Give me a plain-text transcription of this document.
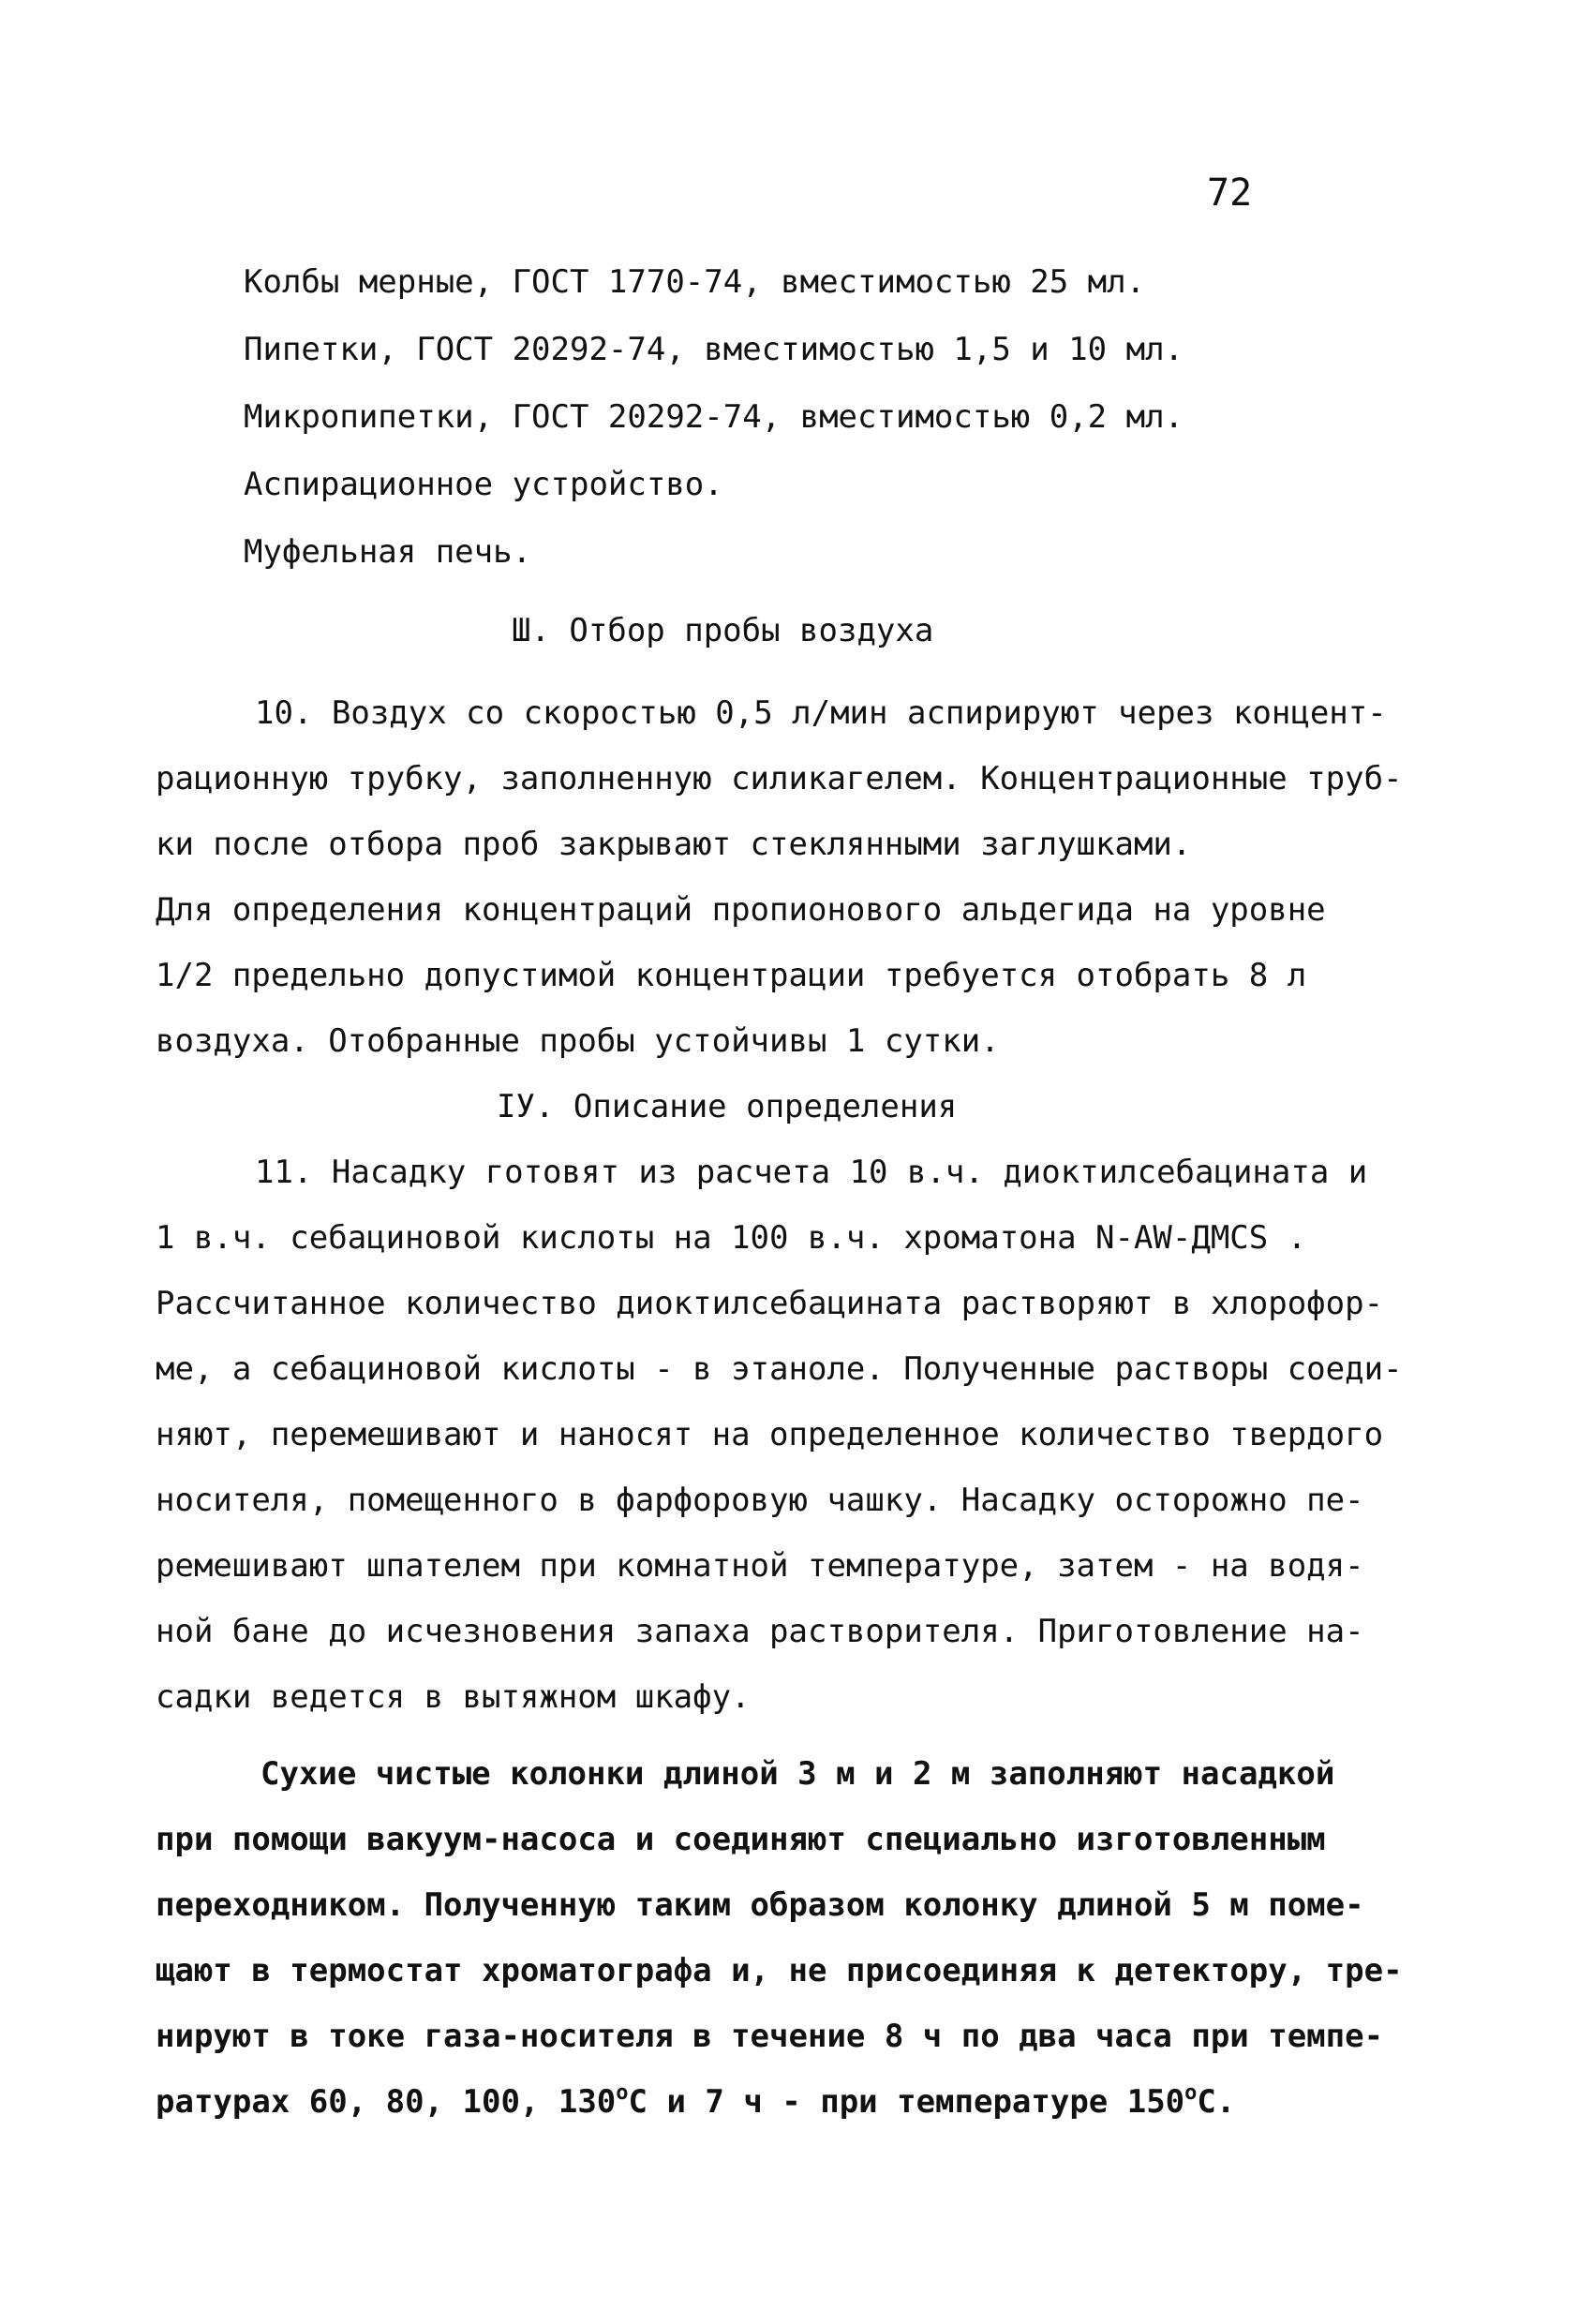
72
Колбы мерные, ГОСТ 1770-74, вместимостью 25 мл.
Пипетки, ГОСТ 20292-74, вместимостью 1,5 и 10 мл.
Микропипетки, ГОСТ 20292-74, вместимостью 0,2 мл.
Аспирационное устройство.
Муфельная печь.
Ш. Отбор пробы воздуха
10. Воздух со скоростью 0,5 л/мин аспирируют через концент-
рационную трубку, заполненную силикагелем. Концентрационные труб-
ки после отбора проб закрывают стеклянными заглушками.
Для определения концентраций пропионового альдегида на уровне
1/2 предельно допустимой концентрации требуется отобрать 8 л
воздуха. Отобранные пробы устойчивы 1 сутки.
IУ. Описание определения
11. Насадку готовят из расчета 10 в.ч. диоктилсебацината и
1 в.ч. себациновой кислоты на 100 в.ч. хроматона N-AW-ДМСS .
Рассчитанное количество диоктилсебацината растворяют в хлорофор-
ме, а себациновой кислоты - в этаноле. Полученные растворы соеди-
няют, перемешивают и наносят на определенное количество твердого
носителя, помещенного в фарфоровую чашку. Насадку осторожно пе-
ремешивают шпателем при комнатной температуре, затем - на водя-
ной бане до исчезновения запаха растворителя. Приготовление на-
садки ведется в вытяжном шкафу.
Сухие чистые колонки длиной 3 м и 2 м заполняют насадкой
при помощи вакуум-насоса и соединяют специально изготовленным
переходником. Полученную таким образом колонку длиной 5 м поме-
щают в термостат хроматографа и, не присоединяя к детектору, тре-
нируют в токе газа-носителя в течение 8 ч по два часа при темпе-
ратурах 60, 80, 100, $130^оС$ и 7 ч - при температуре $150^оС$.
